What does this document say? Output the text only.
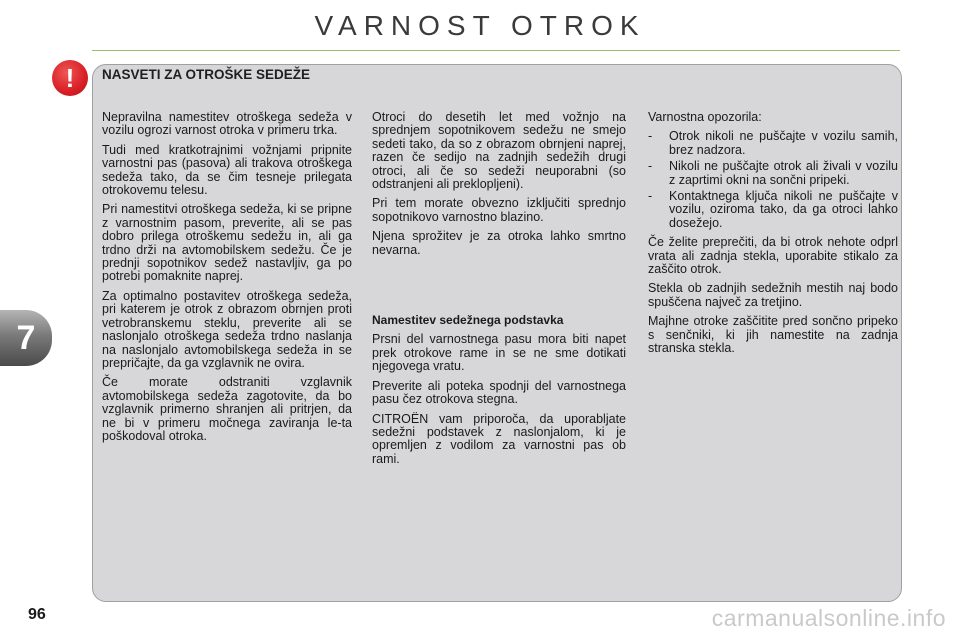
VARNOST OTROK
7
! NASVETI ZA OTROŠKE SEDEŽE

Nepravilna namestitev otroškega sedeža v vozilu ogrozi varnost otroka v primeru trka.

Tudi med kratkotrajnimi vožnjami pripnite varnostni pas (pasova) ali trakova otroškega sedeža tako, da se čim tesneje prilegata otrokovemu telesu.

Pri namestitvi otroškega sedeža, ki se pripne z varnostnim pasom, preverite, ali se pas dobro prilega otroškemu sedežu in, ali ga trdno drži na avtomobilskem sedežu. Če je prednji sopotnikov sedež nastavljiv, ga po potrebi pomaknite naprej.

Za optimalno postavitev otroškega sedeža, pri katerem je otrok z obrazom obrnjen proti vetrobranskemu steklu, preverite ali se naslonjalo otroškega sedeža trdno naslanja na naslonjalo avtomobilskega sedeža in se prepričajte, da ga vzglavnik ne ovira.

Če morate odstraniti vzglavnik avtomobilskega sedeža zagotovite, da bo vzglavnik primerno shranjen ali pritrjen, da ne bi v primeru močnega zaviranja le-ta poškodoval otroka.

Otroci do desetih let med vožnjo na sprednjem sopotnikovem sedežu ne smejo sedeti tako, da so z obrazom obrnjeni naprej, razen če sedijo na zadnjih sedežih drugi otroci, ali če so sedeži neuporabni (so odstranjeni ali preklopljeni).

Pri tem morate obvezno izključiti sprednjo sopotnikovo varnostno blazino.

Njena sprožitev je za otroka lahko smrtno nevarna.

Namestitev sedežnega podstavka

Prsni del varnostnega pasu mora biti napet prek otrokove rame in se ne sme dotikati njegovega vratu.

Preverite ali poteka spodnji del varnostnega pasu čez otrokova stegna.

CITROËN vam priporoča, da uporabljate sedežni podstavek z naslonjalom, ki je opremljen z vodilom za varnostni pas ob rami.

Varnostna opozorila:

- Otrok nikoli ne puščajte v vozilu samih, brez nadzora.
- Nikoli ne puščajte otrok ali živali v vozilu z zaprtimi okni na sončni pripeki.
- Kontaktnega ključa nikoli ne puščajte v vozilu, oziroma tako, da ga otroci lahko dosežejo.

Če želite preprečiti, da bi otrok nehote odprl vrata ali zadnja stekla, uporabite stikalo za zaščito otrok.

Stekla ob zadnjih sedežnih mestih naj bodo spuščena največ za tretjino.

Majhne otroke zaščitite pred sončno pripeko s senčniki, ki jih namestite na zadnja stranska stekla.

96	carmanualsonline.info
